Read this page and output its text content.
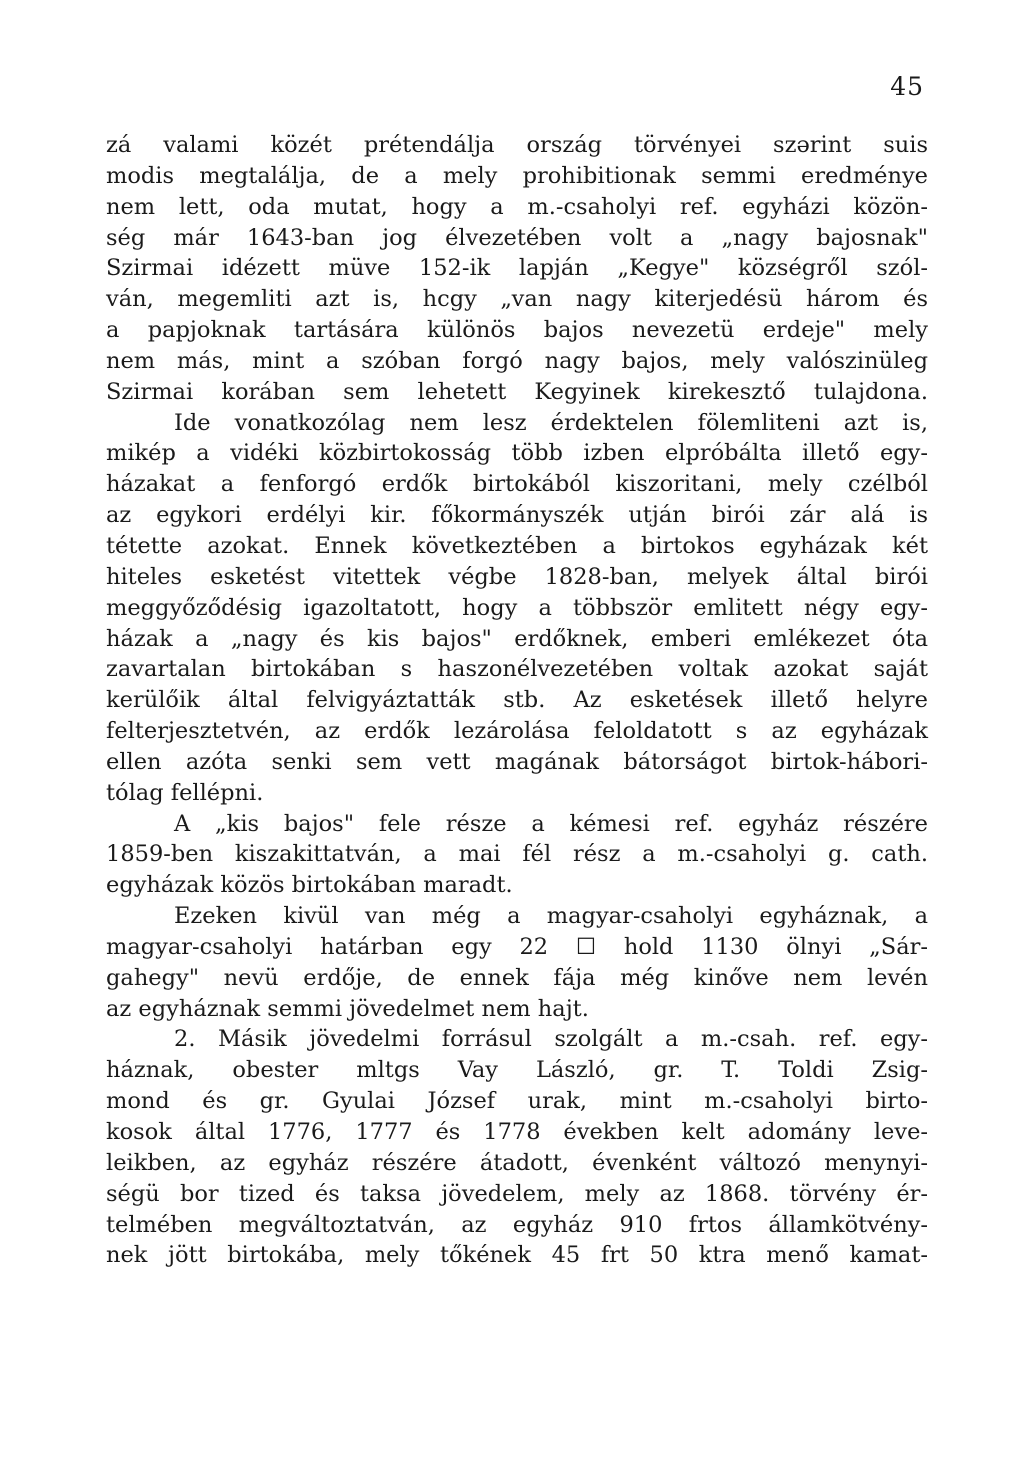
45
zá valami közét prétendálja ország törvényei szərint suis
modis megtalálja, de a mely prohibitionak semmi eredménye
nem lett, oda mutat, hogy a m.-csaholyi ref. egyházi közön-
ség már 1643-ban jog élvezetében volt a „nagy bajosnak"
Szirmai idézett müve 152-ik lapján „Kegye" községről szól-
ván, megemliti azt is, hcgy „van nagy kiterjedésü három és
a papjoknak tartására különös bajos nevezetü erdeje" mely
nem más, mint a szóban forgó nagy bajos, mely valószinüleg
Szirmai korában sem lehetett Kegyinek kirekesztő tulajdona.
Ide vonatkozólag nem lesz érdektelen fölemliteni azt is,
mikép a vidéki közbirtokosság több izben elpróbálta illető egy-
házakat a fenforgó erdők birtokából kiszoritani, mely czélból
az egykori erdélyi kir. főkormányszék utján birói zár alá is
tétette azokat. Ennek következtében a birtokos egyházak két
hiteles esketést vitettek végbe 1828-ban, melyek által birói
meggyőződésig igazoltatott, hogy a többször emlitett négy egy-
házak a „nagy és kis bajos" erdőknek, emberi emlékezet óta
zavartalan birtokában s haszonélvezetében voltak azokat saját
kerülőik által felvigyáztatták stb. Az esketések illető helyre
felterjesztetvén, az erdők lezárolása feloldatott s az egyházak
ellen azóta senki sem vett magának bátorságot birtok-hábori-
tólag fellépni.
A „kis bajos" fele része a kémesi ref. egyház részére
1859-ben kiszakittatván, a mai fél rész a m.-csaholyi g. cath.
egyházak közös birtokában maradt.
Ezeken kivül van még a magyar-csaholyi egyháznak, a
magyar-csaholyi határban egy 22 ☐ hold 1130 ölnyi „Sár-
gahegy" nevü erdője, de ennek fája még kinőve nem levén
az egyháznak semmi jövedelmet nem hajt.
2. Másik jövedelmi forrásul szolgált a m.-csah. ref. egy-
háznak, obester mltgs Vay László, gr. T. Toldi Zsig-
mond és gr. Gyulai József urak, mint m.-csaholyi birto-
kosok által 1776, 1777 és 1778 években kelt adomány leve-
leikben, az egyház részére átadott, évenként változó menynyi-
ségü bor tized és taksa jövedelem, mely az 1868. törvény ér-
telmében megváltoztatván, az egyház 910 frtos államkötvény-
nek jött birtokába, mely tőkének 45 frt 50 ktra menő kamat-
